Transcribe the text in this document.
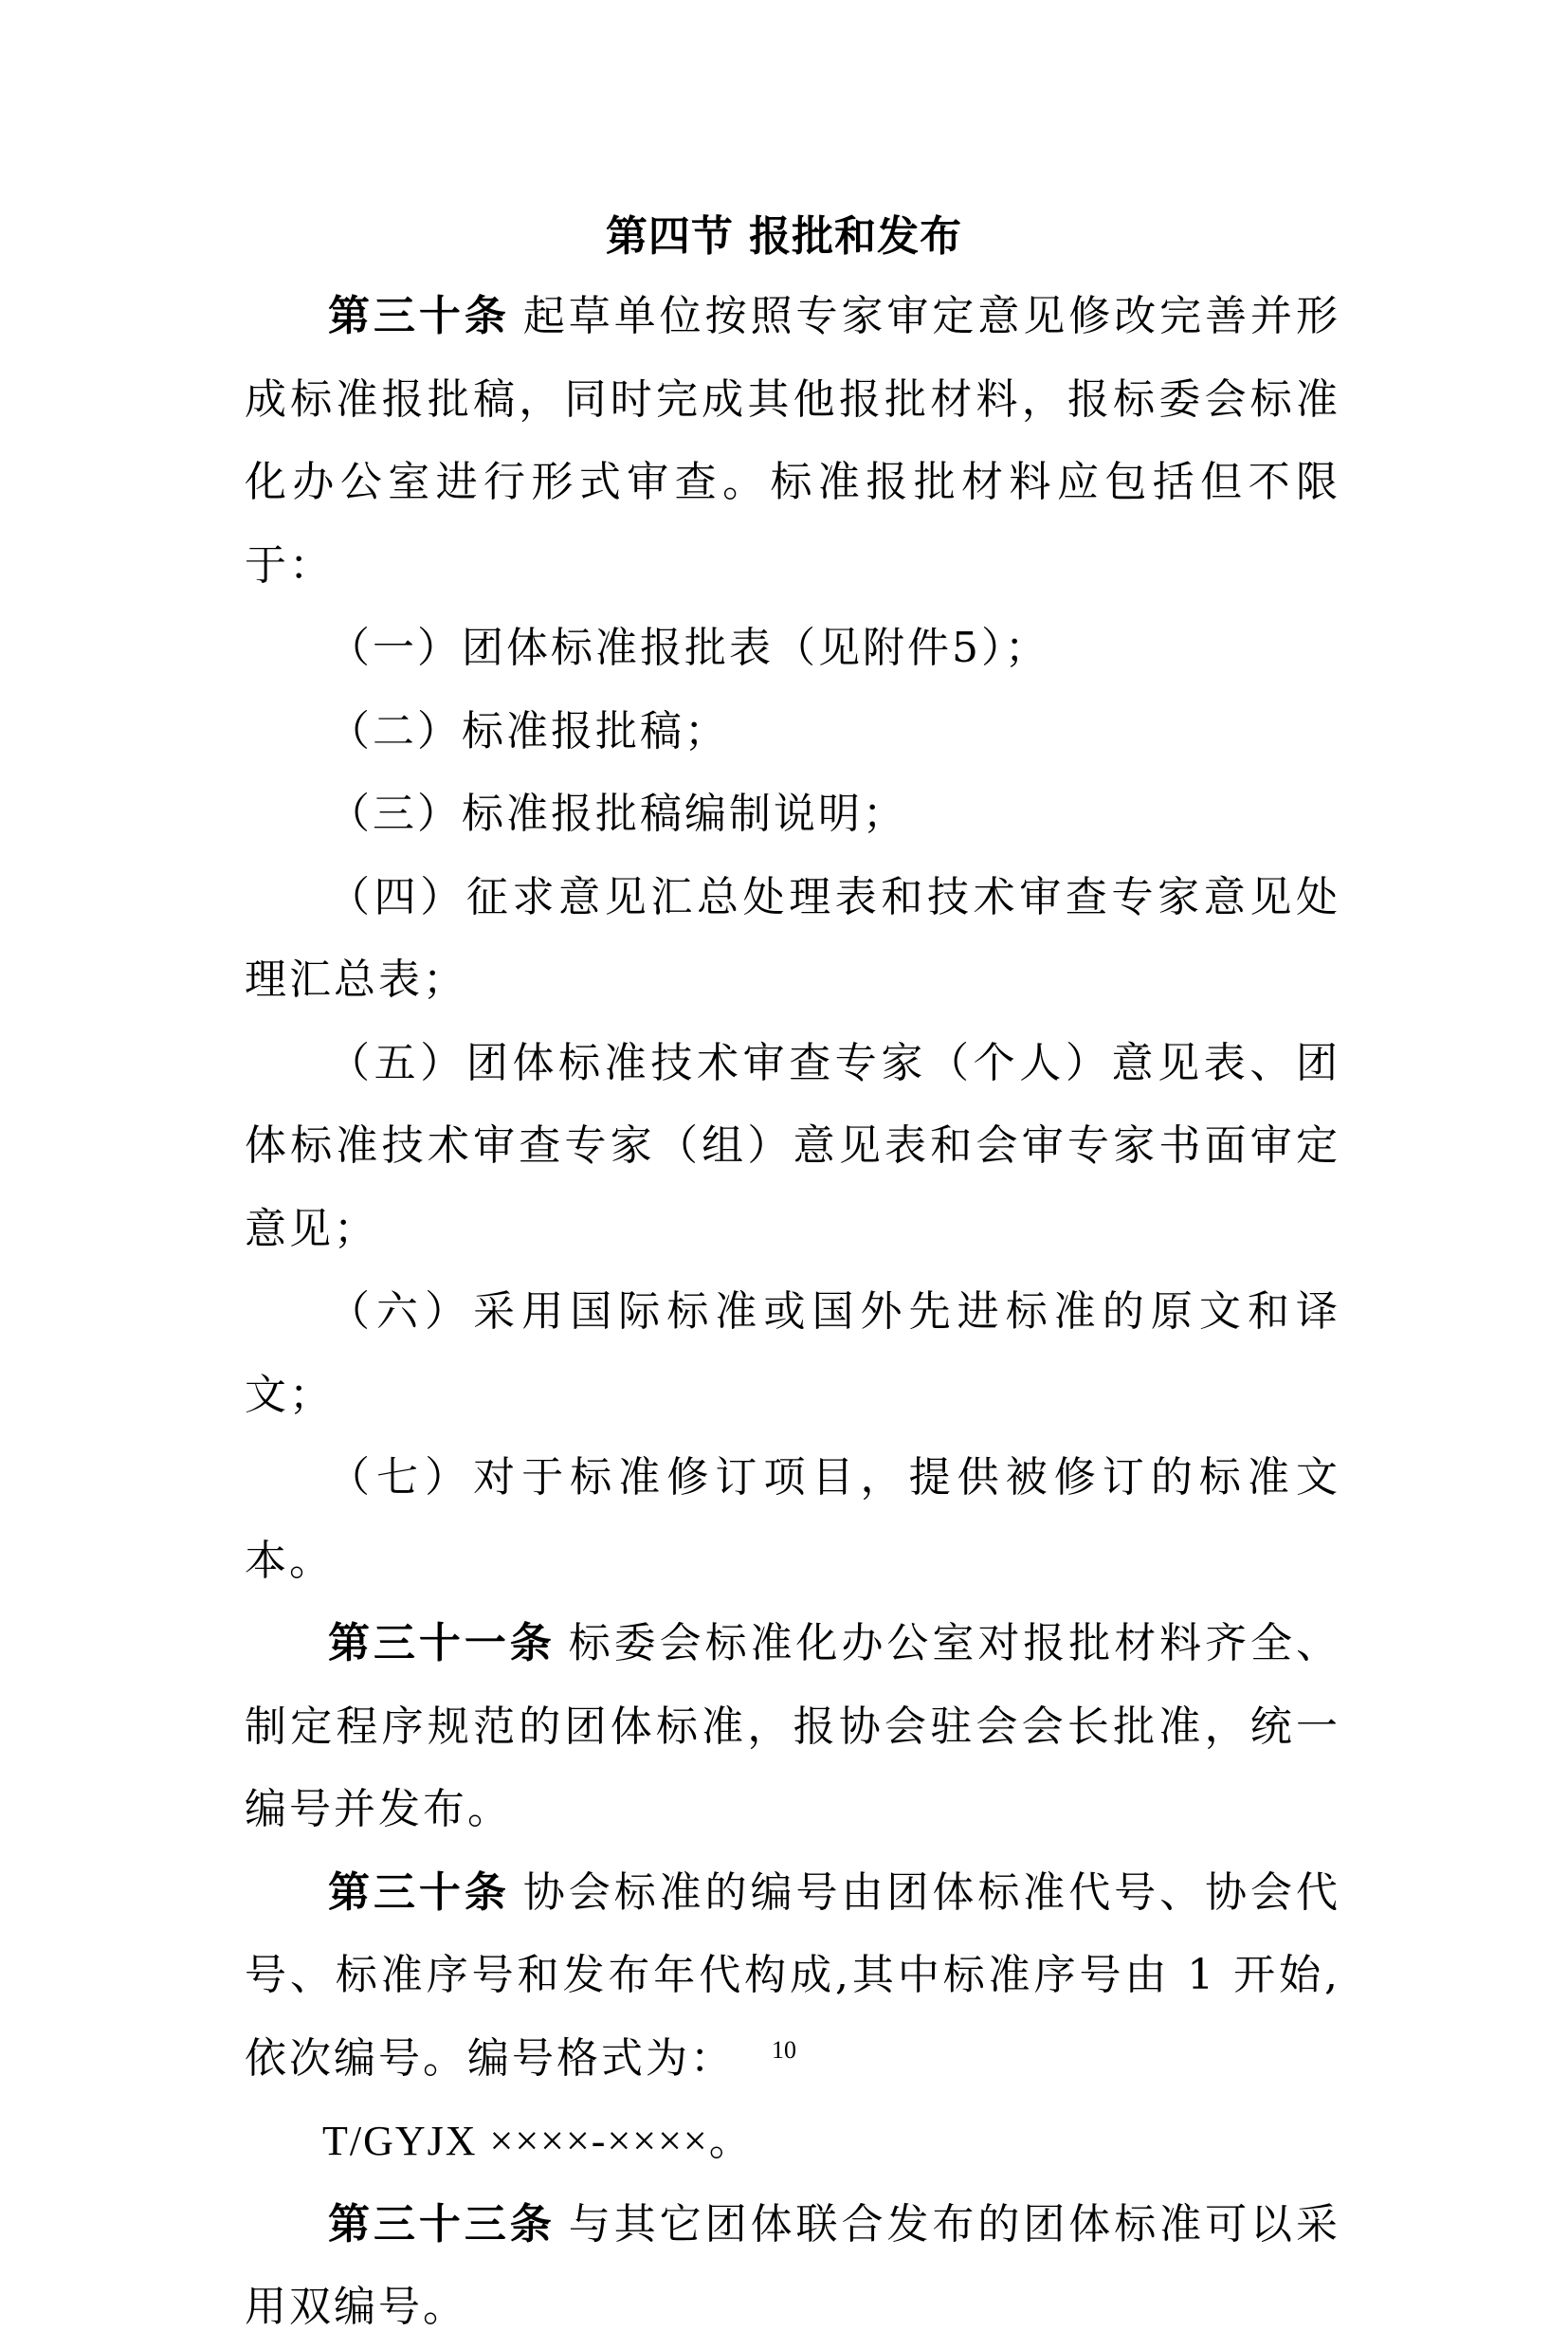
第四节 报批和发布

第三十条 起草单位按照专家审定意见修改完善并形成标准报批稿，同时完成其他报批材料，报标委会标准化办公室进行形式审查。标准报批材料应包括但不限于：

（一）团体标准报批表（见附件5）；

（二）标准报批稿；

（三）标准报批稿编制说明；

（四）征求意见汇总处理表和技术审查专家意见处理汇总表；

（五）团体标准技术审查专家（个人）意见表、团体标准技术审查专家（组）意见表和会审专家书面审定意见；

（六）采用国际标准或国外先进标准的原文和译文；

（七）对于标准修订项目，提供被修订的标准文本。

第三十一条 标委会标准化办公室对报批材料齐全、制定程序规范的团体标准，报协会驻会会长批准，统一编号并发布。

第三十条 协会标准的编号由团体标准代号、协会代号、标准序号和发布年代构成,其中标准序号由 1 开始,依次编号。编号格式为：

T/GYJX ××××-××××。

第三十三条 与其它团体联合发布的团体标准可以采用双编号。

10
